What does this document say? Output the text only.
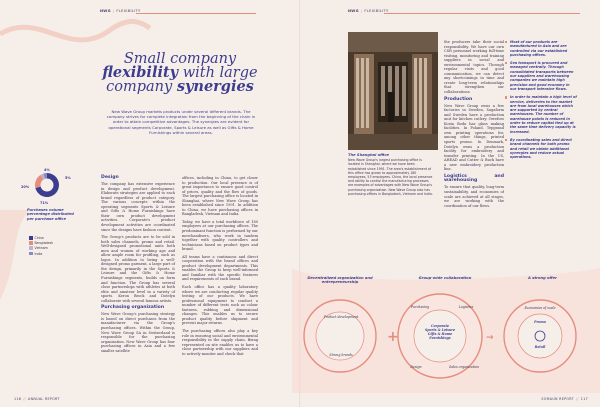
NWG | FLEXIBILITY
Small company
flexibility with large
company synergies
New Wave Group markets products under several different brands. The company strives for complete integration from the beginning of the chain in order to attain competitive advantages. The synergies are evident for operational segments Corporate, Sports & Leisure as well as Gifts & Home Furnishings within several areas.
20%
4%
5%
71%
Purchases volume percentage distributed per purchase office
China
Bangladesh
Vietnam
India
Design

The company has extensive experience in design and product development. Elaborate strategies are applied to each brand regardless of product category. The various concepts within the operating segments Sports & Leisure and Gifts & Home Furnishings have their own product development activities. Corporate's product development activities are coordinated since the designs have fashion content.

The Group's products are to be sold in both sales channels, promo and retail. Well-designed promotional units both men and women of working age and allow ample room for profiling, such as logos. In addition to being a well-designed promo garment, a large part of the design, primarily in the Sports & Leisure and the Gifts & Home Furnishings segments, builds on form and function. The Group has several close partnerships with athletes at both elite and amateur level in a variety of sports. Keron Brock and Dotelyn collaborate with several famous artists.

Purchasing organization

New Wave Group's purchasing strategy is based on direct purchases from the manufacturer via the Group's purchasing offices. Within the Group, New Wave Group SA in Switzerland is responsible for the purchasing organization. New Wave Group has four purchasing offices in Asia and a few smaller satellite

offices, including in China, to get closer to production. Our local presence is of great importance to ensure good control of prices, quality and the flow of goods. The largest purchasing office is located in Shanghai, where New Wave Group has been established since 1991. In addition to China, we have purchasing offices in Bangladesh, Vietnam and India.

Today, we have a total workforce of 180 employees at our purchasing offices. The predominant function is performed by our merchandisers, who work in tandem together with quality controllers and technicians based on product types and brand.

All teams have a continuous and direct cooperation with the brand offices and product development departments. This enables the Group to keep well-informed and familiar with the specific features and requirements of each brand.

Each office has a quality laboratory where we are conducting regular quality testing of our products. We have professional equipment to conduct a number of different tests such as colour fastness, rubbing and dimensional changes. This enables us to secure product quality before shipment and prevent major returns.

The purchasing offices also play a key role in ensuring social and environmental responsibility in the supply chain. Being represented on site enables us to have a close partnership with our suppliers and to actively monitor and check that

116 // ANNUAL REPORT
NWG | FLEXIBILITY
The Shanghai office
New Wave Group's largest purchasing office is located in Shanghai, where we have been established since 1991. The area's establishment of this office has grown to approximately 180 employees, 53 employees. China, the local presence and ability to control the manufacturing processes are examples of advantages with New Wave Group's purchasing organization. New Wave Group also has purchasing offices in Bangladesh, Vietnam and India.

the producers take their social responsibility. We have our own CSR personnel working full-time visiting, monitoring and training suppliers in social and environmental topics. Through regular visits and good communication, we can detect any shortcomings in time and create long-term relationships that strengthen our collaborations.

Production

New Wave Group owns a few factories in Sweden, Sagaform and Sweden have a production unit for kitchen cutlery. Orrefors Kosta Boda has glass making facilities. In Poland, Tepgrand own printing operations for, among other things, printed sports promo. In Denmark, Dotelyn owns a production facility for embroidery and transfer printing. In the US, AHEAD and Cutter & Buck have a new embroidery production line.

Logistics and warehousing

To ensure that quality, long-term sustainability, and economies of scale are achieved at all stages, we are working with the coordination of our flows.

Most of our products are manufactured in Asia and are controlled via our established purchasing offices.
Sea transport is procured and managed centrally. Through consolidated transports between our suppliers and warehousing companies we maintain high precision and good economy in our transport intensive flows.
In order to maintain a high level of service, deliveries to the market are from local warehouses which are supported by central warehouses. The number of warehouse points is reduced in order to reduce capital tied up at the same time delivery capacity is increased.
By coordinating sales and direct brand channels for both promo and retail we obtain additional synergies and reduce actual operations.
SOMAUN REPORT // 117
+	→
Decentralized organization and entrepreneurship
Group-wide collaboration	A strong offer
Product development
Strong brands
Corporate
Sports & Leisure
Gifts & Home
Furnishings
Purchasing	Logistics
Sales organization
Design
Economies of scale
Promo
Retail
